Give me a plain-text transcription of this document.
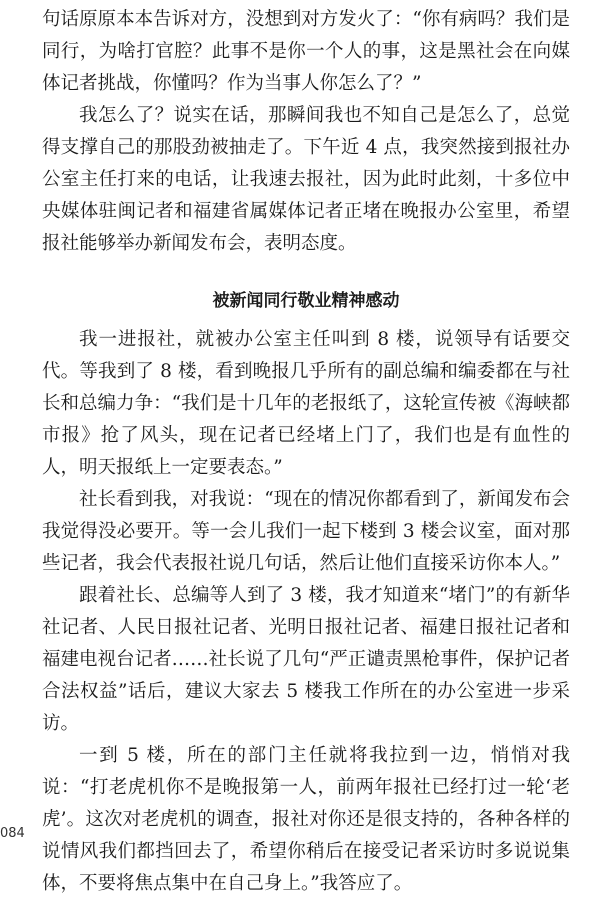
句话原原本本告诉对方，没想到对方发火了：“你有病吗？我们是同行，为啥打官腔？此事不是你一个人的事，这是黑社会在向媒体记者挑战，你懂吗？作为当事人你怎么了？”

我怎么了？说实在话，那瞬间我也不知自己是怎么了，总觉得支撑自己的那股劲被抽走了。下午近 4 点，我突然接到报社办公室主任打来的电话，让我速去报社，因为此时此刻，十多位中央媒体驻闽记者和福建省属媒体记者正堵在晚报办公室里，希望报社能够举办新闻发布会，表明态度。

被新闻同行敬业精神感动

我一进报社，就被办公室主任叫到 8 楼，说领导有话要交代。等我到了 8 楼，看到晚报几乎所有的副总编和编委都在与社长和总编力争：“我们是十几年的老报纸了，这轮宣传被《海峡都市报》抢了风头，现在记者已经堵上门了，我们也是有血性的人，明天报纸上一定要表态。”

社长看到我，对我说：“现在的情况你都看到了，新闻发布会我觉得没必要开。等一会儿我们一起下楼到 3 楼会议室，面对那些记者，我会代表报社说几句话，然后让他们直接采访你本人。”

跟着社长、总编等人到了 3 楼，我才知道来“堵门”的有新华社记者、人民日报社记者、光明日报社记者、福建日报社记者和福建电视台记者……社长说了几句“严正谴责黑枪事件，保护记者合法权益”话后，建议大家去 5 楼我工作所在的办公室进一步采访。

一到 5 楼，所在的部门主任就将我拉到一边，悄悄对我说：“打老虎机你不是晚报第一人，前两年报社已经打过一轮‘老虎’。这次对老虎机的调查，报社对你还是很支持的，各种各样的说情风我们都挡回去了，希望你稍后在接受记者采访时多说说集体，不要将焦点集中在自己身上。”我答应了。

084
